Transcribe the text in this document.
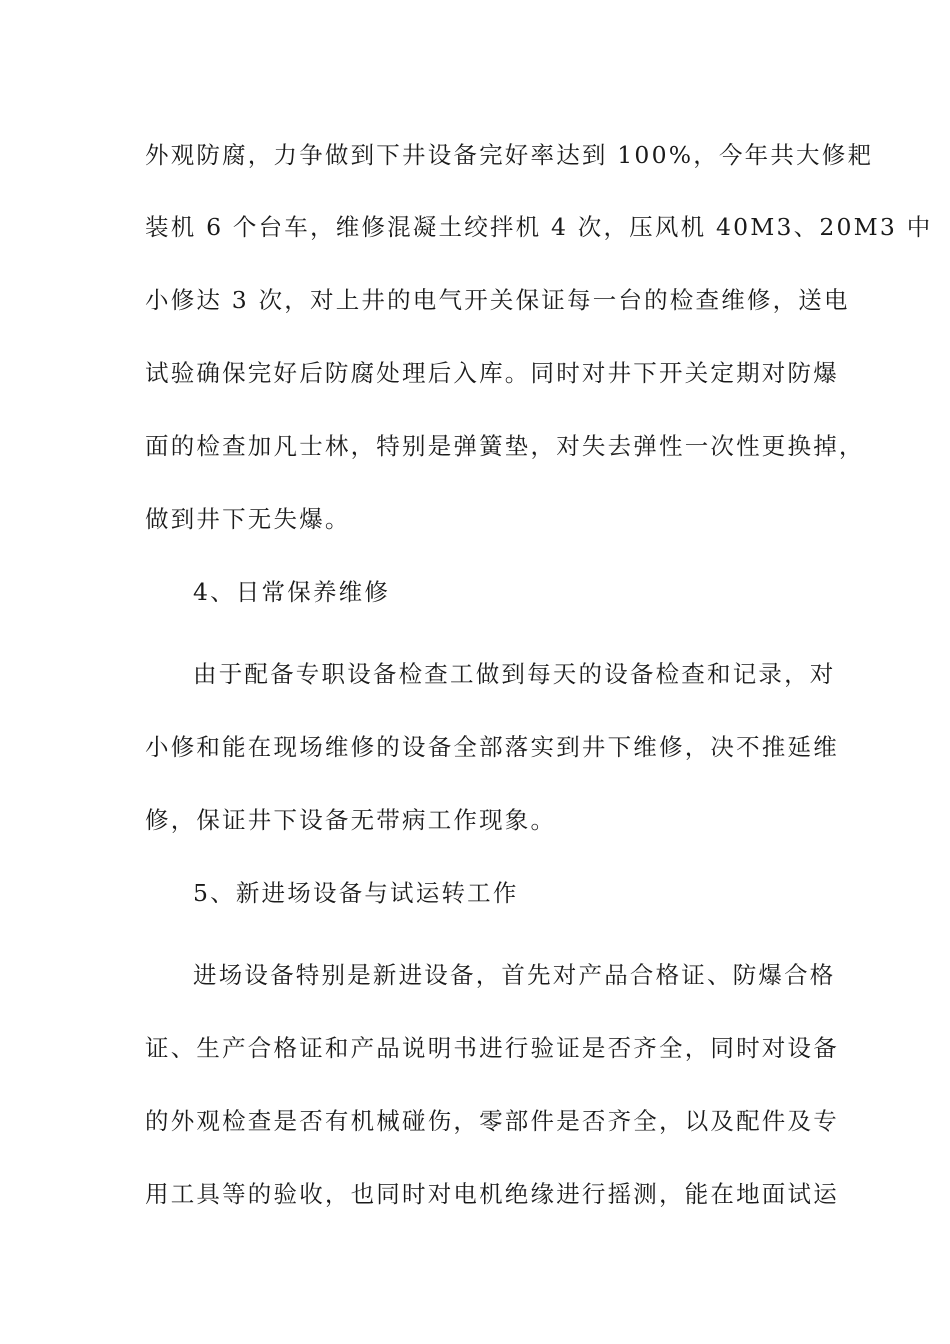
外观防腐，力争做到下井设备完好率达到 100%，今年共大修耙
装机 6 个台车，维修混凝土绞拌机 4 次，压风机 40M3、20M3 中
小修达 3 次，对上井的电气开关保证每一台的检查维修，送电
试验确保完好后防腐处理后入库。同时对井下开关定期对防爆
面的检查加凡士林，特别是弹簧垫，对失去弹性一次性更换掉，
做到井下无失爆。
4、日常保养维修
由于配备专职设备检查工做到每天的设备检查和记录，对
小修和能在现场维修的设备全部落实到井下维修，决不推延维
修，保证井下设备无带病工作现象。
5、新进场设备与试运转工作
进场设备特别是新进设备，首先对产品合格证、防爆合格
证、生产合格证和产品说明书进行验证是否齐全，同时对设备
的外观检查是否有机械碰伤，零部件是否齐全，以及配件及专
用工具等的验收，也同时对电机绝缘进行摇测，能在地面试运
